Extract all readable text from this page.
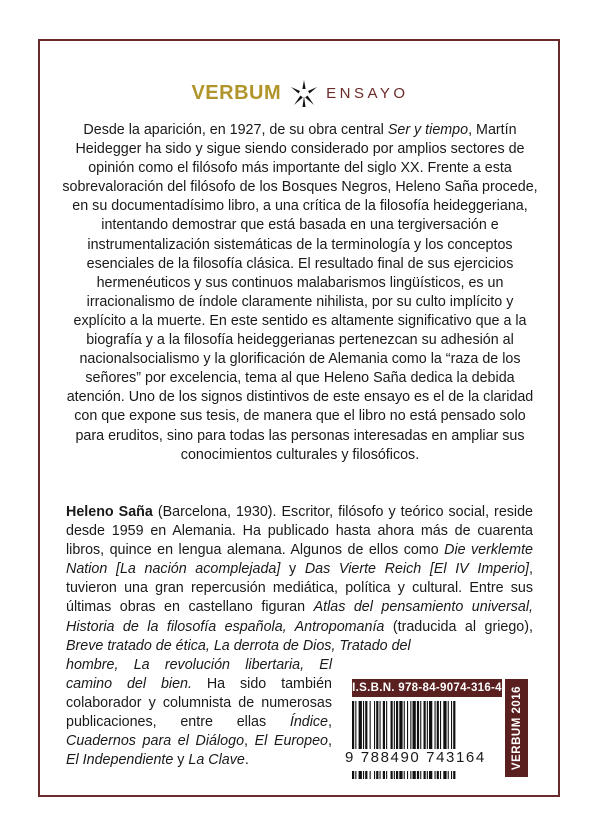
VERBUM	ENSAYO
Desde la aparición, en 1927, de su obra central Ser y tiempo, Martín Heidegger ha sido y sigue siendo considerado por amplios sectores de opinión como el filósofo más importante del siglo XX. Frente a esta sobrevaloración del filósofo de los Bosques Negros, Heleno Saña procede, en su documentadísimo libro, a una crítica de la filosofía heideggeriana, intentando demostrar que está basada en una tergiversación e instrumentalización sistemáticas de la terminología y los conceptos esenciales de la filosofía clásica. El resultado final de sus ejercicios hermenéuticos y sus continuos malabarismos lingüísticos, es un irracionalismo de índole claramente nihilista, por su culto implícito y explícito a la muerte. En este sentido es altamente significativo que a la biografía y a la filosofía heideggerianas pertenezcan su adhesión al nacionalsocialismo y la glorificación de Alemania como la “raza de los señores” por excelencia, tema al que Heleno Saña dedica la debida atención. Uno de los signos distintivos de este ensayo es el de la claridad con que expone sus tesis, de manera que el libro no está pensado solo para eruditos, sino para todas las personas interesadas en ampliar sus conocimientos culturales y filosóficos.
Heleno Saña (Barcelona, 1930). Escritor, filósofo y teórico social, reside desde 1959 en Alemania. Ha publicado hasta ahora más de cuarenta libros, quince en lengua alemana. Algunos de ellos como Die verklemte Nation [La nación acomplejada] y Das Vierte Reich [El IV Imperio], tuvieron una gran repercusión mediática, política y cultural. Entre sus últimas obras en castellano figuran Atlas del pensamiento universal, Historia de la filosofía española, Antropomanía (traducida al griego), Breve tratado de ética, La derrota de Dios, Tratado del
hombre, La revolución libertaria, El camino del bien. Ha sido también colaborador y columnista de numerosas publicaciones, entre ellas Índice, Cuadernos para el Diálogo, El Europeo, El Independiente y La Clave.
I.S.B.N. 978-84-9074-316-4
9 788490 743164	VERBUM 2016
